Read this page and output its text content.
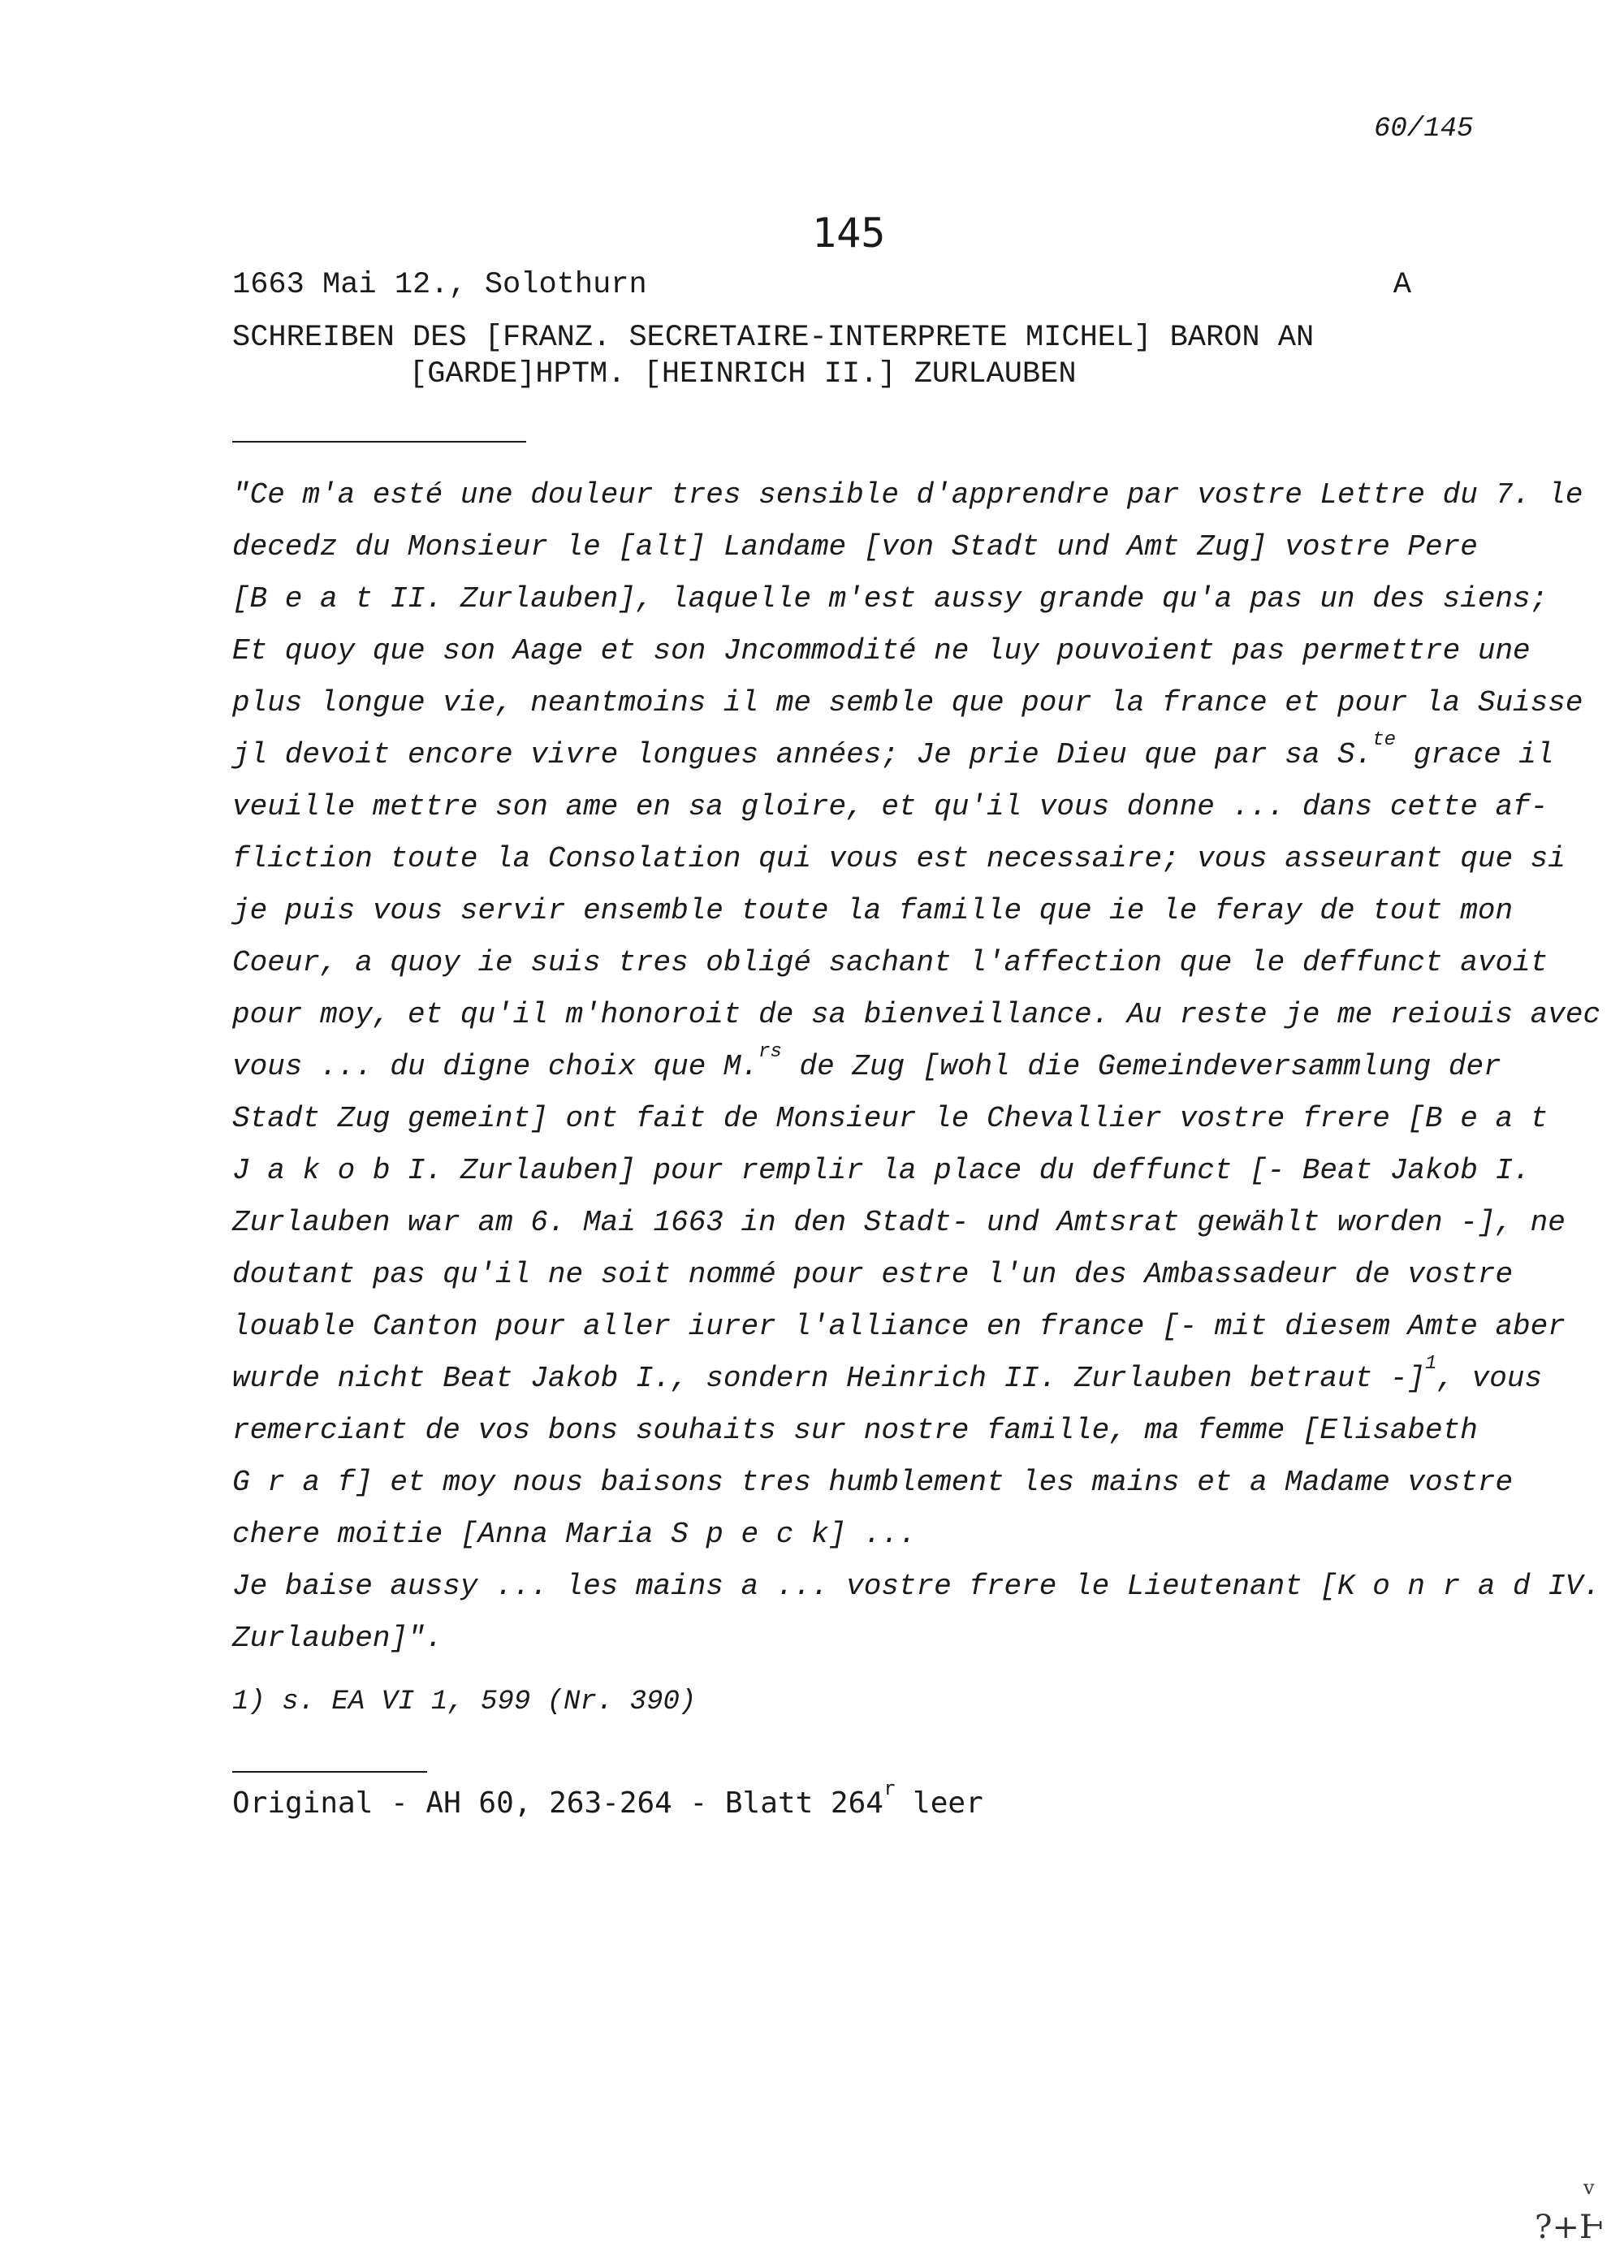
60/145
145
1663 Mai 12., Solothurn	A
SCHREIBEN DES [FRANZ. SECRETAIRE-INTERPRETE MICHEL] BARON AN
[GARDE]HPTM. [HEINRICH II.] ZURLAUBEN
"Ce m'a esté une douleur tres sensible d'apprendre par vostre Lettre du 7. le
decedz du Monsieur le [alt] Landame [von Stadt und Amt Zug] vostre Pere
[B e a t II. Zurlauben], laquelle m'est aussy grande qu'a pas un des siens;
Et quoy que son Aage et son Jncommodité ne luy pouvoient pas permettre une
plus longue vie, neantmoins il me semble que pour la france et pour la Suisse
jl devoit encore vivre longues années; Je prie Dieu que par sa S.$^{te}$ grace il
veuille mettre son ame en sa gloire, et qu'il vous donne ... dans cette af-
fliction toute la Consolation qui vous est necessaire; vous asseurant que si
je puis vous servir ensemble toute la famille que ie le feray de tout mon
Coeur, a quoy ie suis tres obligé sachant l'affection que le deffunct avoit
pour moy, et qu'il m'honoroit de sa bienveillance. Au reste je me reiouis avec
vous ... du digne choix que M.$^{rs}$ de Zug [wohl die Gemeindeversammlung der
Stadt Zug gemeint] ont fait de Monsieur le Chevallier vostre frere [B e a t
J a k o b I. Zurlauben] pour remplir la place du deffunct [- Beat Jakob I.
Zurlauben war am 6. Mai 1663 in den Stadt- und Amtsrat gewählt worden -], ne
doutant pas qu'il ne soit nommé pour estre l'un des Ambassadeur de vostre
louable Canton pour aller iurer l'alliance en france [- mit diesem Amte aber
wurde nicht Beat Jakob I., sondern Heinrich II. Zurlauben betraut -]$^1$, vous
remerciant de vos bons souhaits sur nostre famille, ma femme [Elisabeth
G r a f] et moy nous baisons tres humblement les mains et a Madame vostre
chere moitie [Anna Maria S p e c k] ...
Je baise aussy ... les mains a ... vostre frere le Lieutenant [K o n r a d IV.
Zurlauben]".
1) s. EA VI 1, 599 (Nr. 390)
Original - AH 60, 263-264 - Blatt 264$^r$ leer
v
?+Ͱ
